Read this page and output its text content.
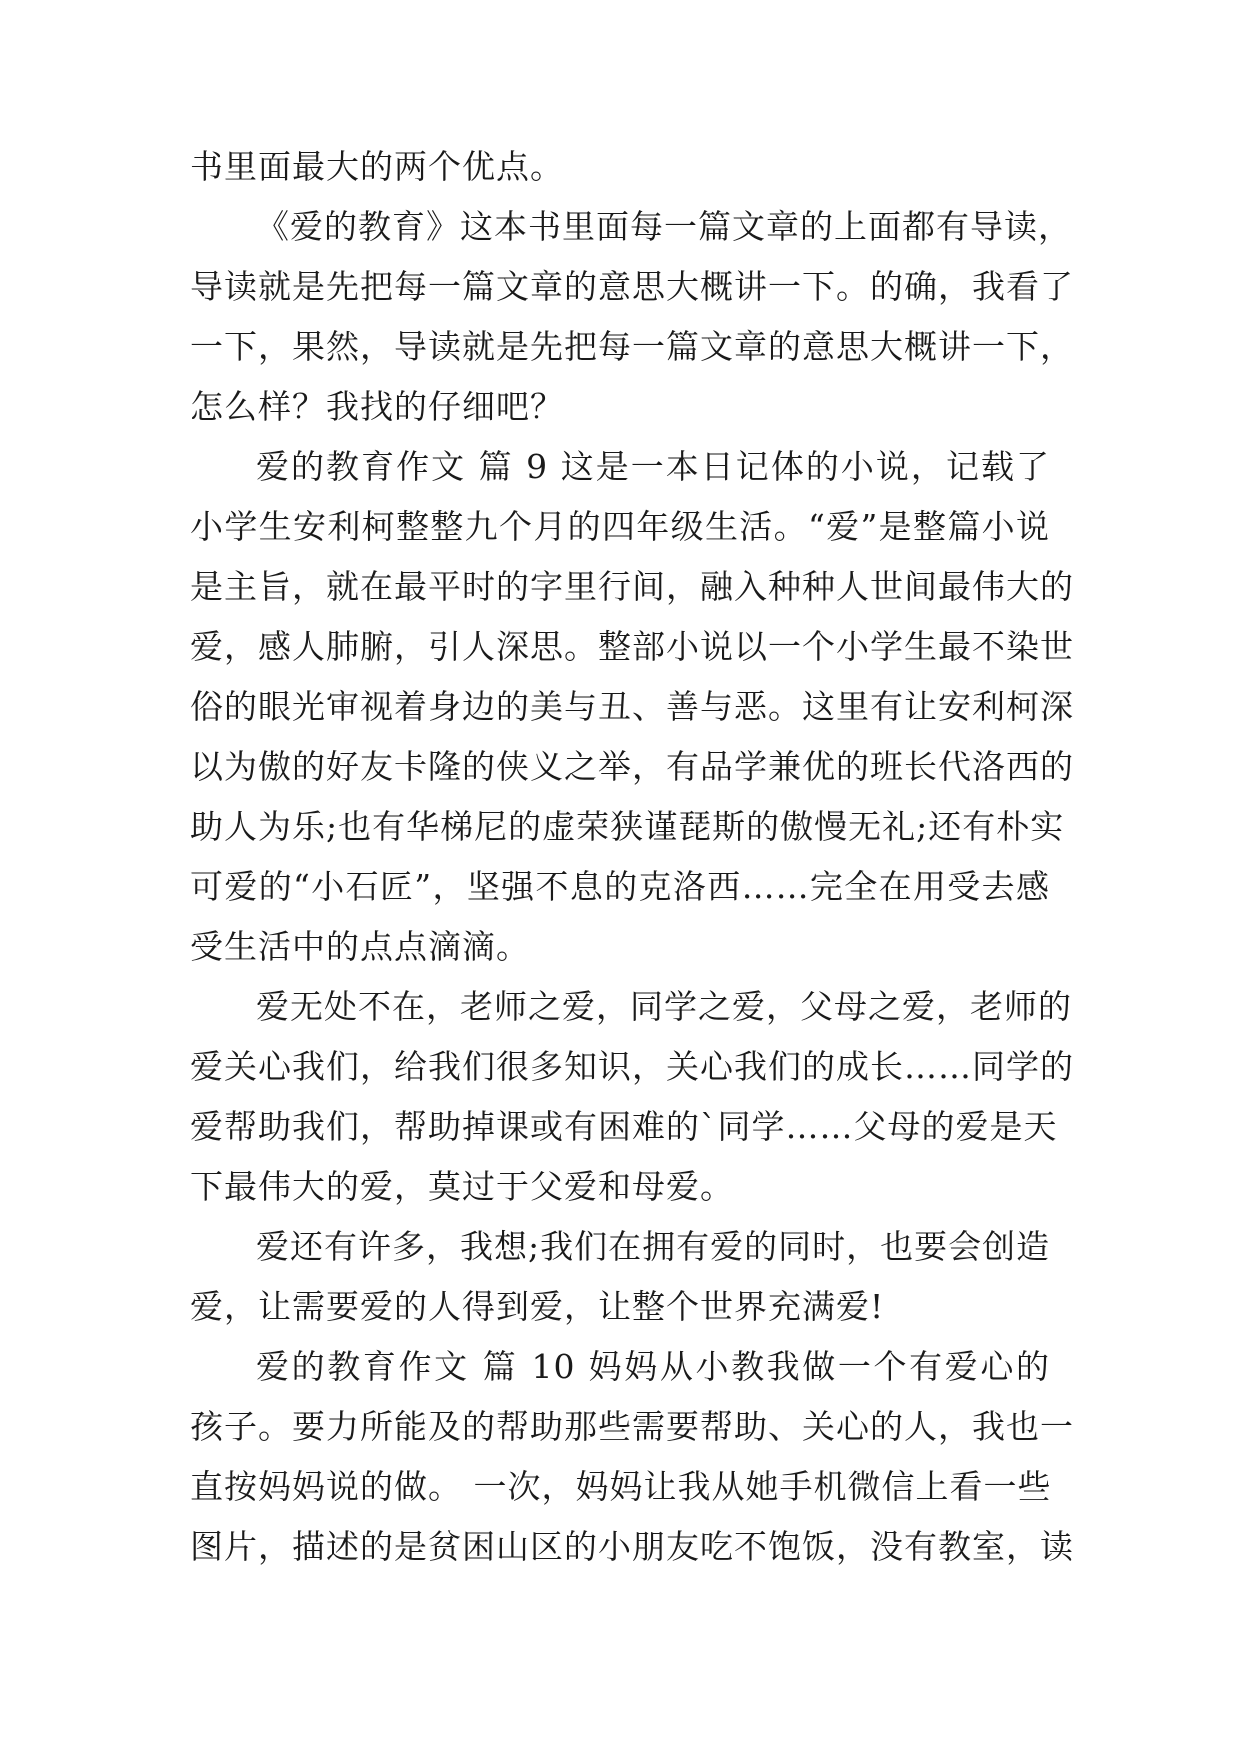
书里面最大的两个优点。
《爱的教育》这本书里面每一篇文章的上面都有导读，
导读就是先把每一篇文章的意思大概讲一下。的确，我看了
一下，果然，导读就是先把每一篇文章的意思大概讲一下，
怎么样？我找的仔细吧？
爱的教育作文 篇 9 这是一本日记体的小说，记载了
小学生安利柯整整九个月的四年级生活。“爱”是整篇小说
是主旨，就在最平时的字里行间，融入种种人世间最伟大的
爱，感人肺腑，引人深思。整部小说以一个小学生最不染世
俗的眼光审视着身边的美与丑、善与恶。这里有让安利柯深
以为傲的好友卡隆的侠义之举，有品学兼优的班长代洛西的
助人为乐;也有华梯尼的虚荣狭谨琵斯的傲慢无礼;还有朴实
可爱的“小石匠”，坚强不息的克洛西……完全在用受去感
受生活中的点点滴滴。
爱无处不在，老师之爱，同学之爱，父母之爱，老师的
爱关心我们，给我们很多知识，关心我们的成长……同学的
爱帮助我们，帮助掉课或有困难的`同学……父母的爱是天
下最伟大的爱，莫过于父爱和母爱。
爱还有许多，我想;我们在拥有爱的同时，也要会创造
爱，让需要爱的人得到爱，让整个世界充满爱!
爱的教育作文 篇 10 妈妈从小教我做一个有爱心的
孩子。要力所能及的帮助那些需要帮助、关心的人，我也一
直按妈妈说的做。 一次，妈妈让我从她手机微信上看一些
图片，描述的是贫困山区的小朋友吃不饱饭，没有教室，读
